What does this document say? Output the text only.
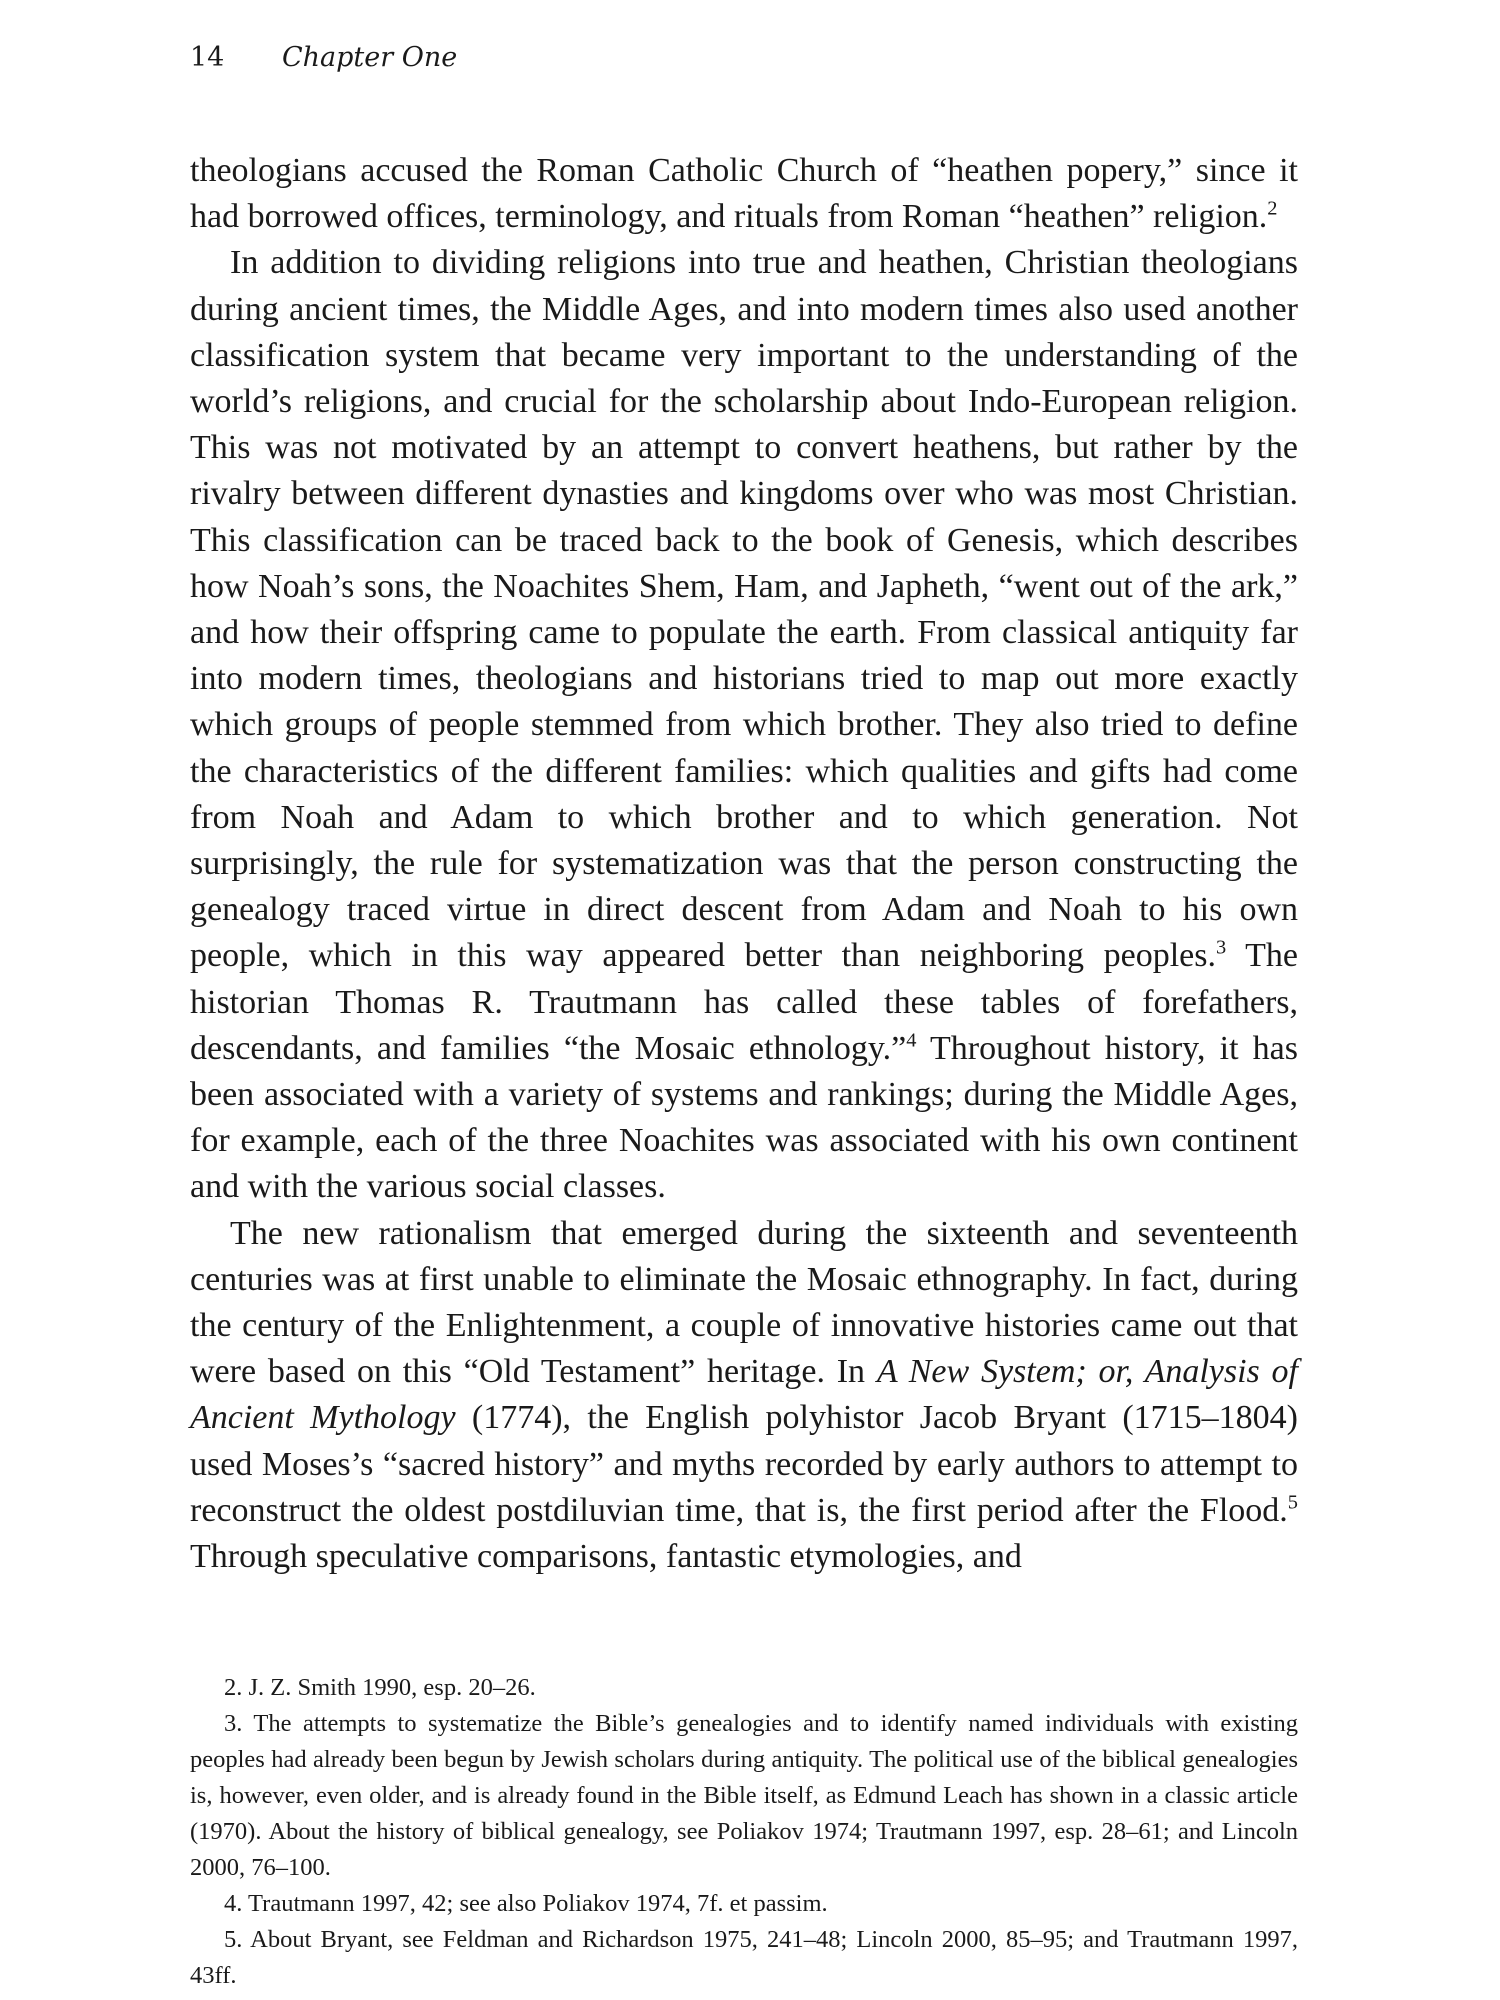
14 Chapter One

theologians accused the Roman Catholic Church of “heathen popery,” since it had borrowed offices, terminology, and rituals from Roman “heathen” religion.$^2$

In addition to dividing religions into true and heathen, Christian theologians during ancient times, the Middle Ages, and into modern times also used another classification system that became very important to the understanding of the world’s religions, and crucial for the scholarship about Indo-European religion. This was not motivated by an attempt to convert heathens, but rather by the rivalry between different dynasties and kingdoms over who was most Christian. This classification can be traced back to the book of Genesis, which describes how Noah’s sons, the Noachites Shem, Ham, and Japheth, “went out of the ark,” and how their offspring came to populate the earth. From classical antiquity far into modern times, theologians and historians tried to map out more exactly which groups of people stemmed from which brother. They also tried to define the characteristics of the different families: which qualities and gifts had come from Noah and Adam to which brother and to which generation. Not surprisingly, the rule for systematization was that the person constructing the genealogy traced virtue in direct descent from Adam and Noah to his own people, which in this way appeared better than neighboring peoples.$^3$ The historian Thomas R. Trautmann has called these tables of forefathers, descendants, and families “the Mosaic ethnology.”$^4$ Throughout history, it has been associated with a variety of systems and rankings; during the Middle Ages, for example, each of the three Noachites was associated with his own continent and with the various social classes.

The new rationalism that emerged during the sixteenth and seventeenth centuries was at first unable to eliminate the Mosaic ethnography. In fact, during the century of the Enlightenment, a couple of innovative histories came out that were based on this “Old Testament” heritage. In A New System; or, Analysis of Ancient Mythology (1774), the English polyhistor Jacob Bryant (1715–1804) used Moses’s “sacred history” and myths recorded by early authors to attempt to reconstruct the oldest postdiluvian time, that is, the first period after the Flood.$^5$ Through speculative comparisons, fantastic etymologies, and

2. J. Z. Smith 1990, esp. 20–26.

3. The attempts to systematize the Bible’s genealogies and to identify named individuals with existing peoples had already been begun by Jewish scholars during antiquity. The political use of the biblical genealogies is, however, even older, and is already found in the Bible itself, as Edmund Leach has shown in a classic article (1970). About the history of biblical genealogy, see Poliakov 1974; Trautmann 1997, esp. 28–61; and Lincoln 2000, 76–100.

4. Trautmann 1997, 42; see also Poliakov 1974, 7f. et passim.

5. About Bryant, see Feldman and Richardson 1975, 241–48; Lincoln 2000, 85–95; and Trautmann 1997, 43ff.
